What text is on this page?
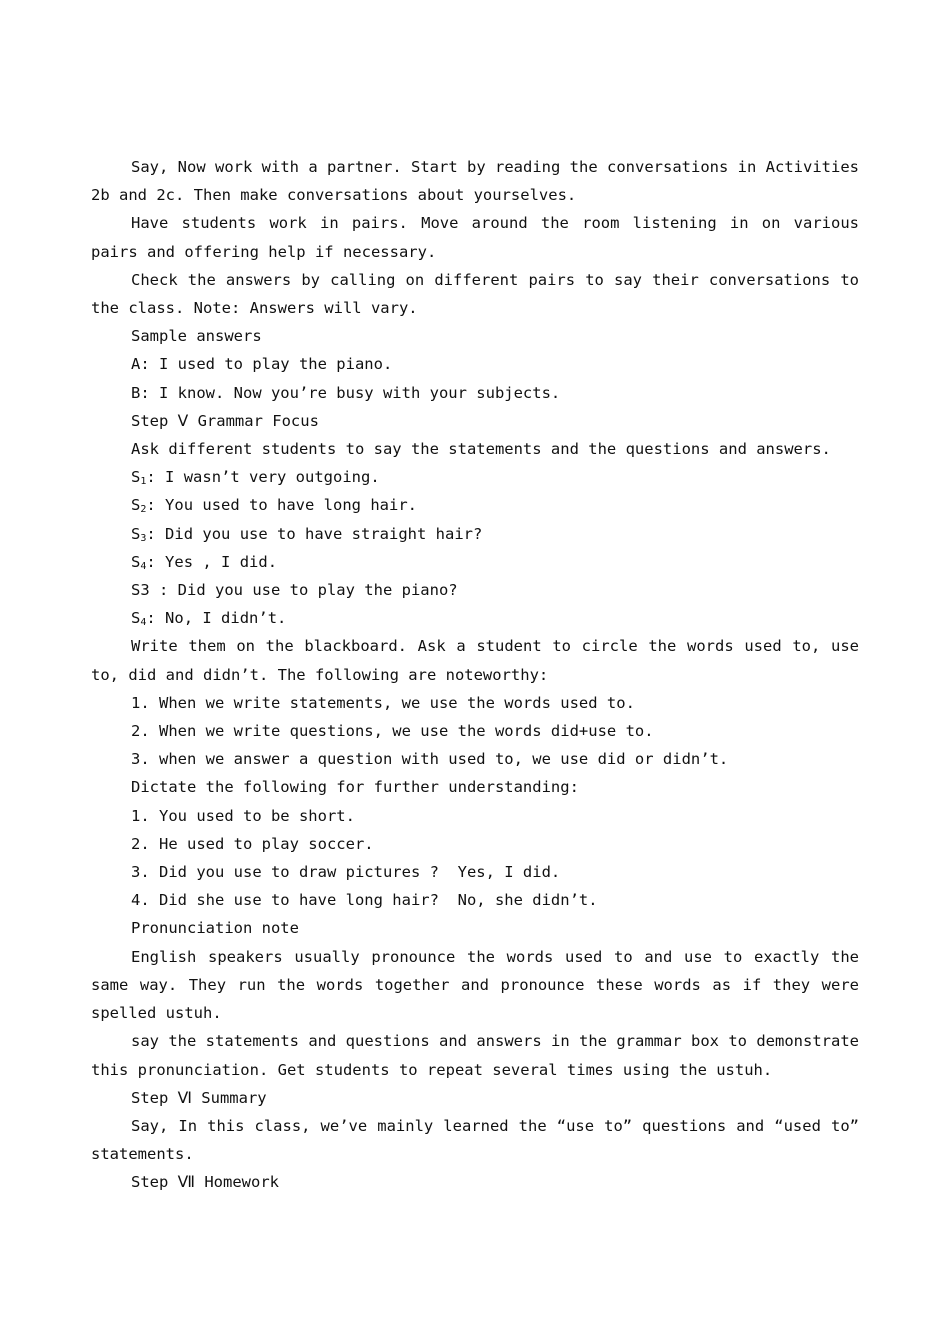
Say, Now work with a partner. Start by reading the conversations in Activities 2b and 2c. Then make conversations about yourselves.

Have students work in pairs. Move around the room listening in on various pairs and offering help if necessary.

Check the answers by calling on different pairs to say their conversations to the class. Note: Answers will vary.

Sample answers

A: I used to play the piano.

B: I know. Now you’re busy with your subjects.

Step Ⅴ Grammar Focus

Ask different students to say the statements and the questions and answers.

$S_1$: I wasn’t very outgoing.

$S_2$: You used to have long hair.

$S_3$: Did you use to have straight hair?

$S_4$: Yes , I did.

S3 : Did you use to play the piano?

$S_4$: No, I didn’t.

Write them on the blackboard. Ask a student to circle the words used to, use to, did and didn’t. The following are noteworthy:

1. When we write statements, we use the words used to.

2. When we write questions, we use the words did+use to.

3. when we answer a question with used to, we use did or didn’t.

Dictate the following for further understanding:

1. You used to be short.

2. He used to play soccer.

3. Did you use to draw pictures ?  Yes, I did.

4. Did she use to have long hair?  No, she didn’t.

Pronunciation note

English speakers usually pronounce the words used to and use to exactly the same way. They run the words together and pronounce these words as if they were spelled ustuh.

say the statements and questions and answers in the grammar box to demonstrate this pronunciation. Get students to repeat several times using the ustuh.

Step Ⅵ Summary

Say, In this class, we’ve mainly learned the “use to” questions and “used to” statements.

Step Ⅶ Homework
